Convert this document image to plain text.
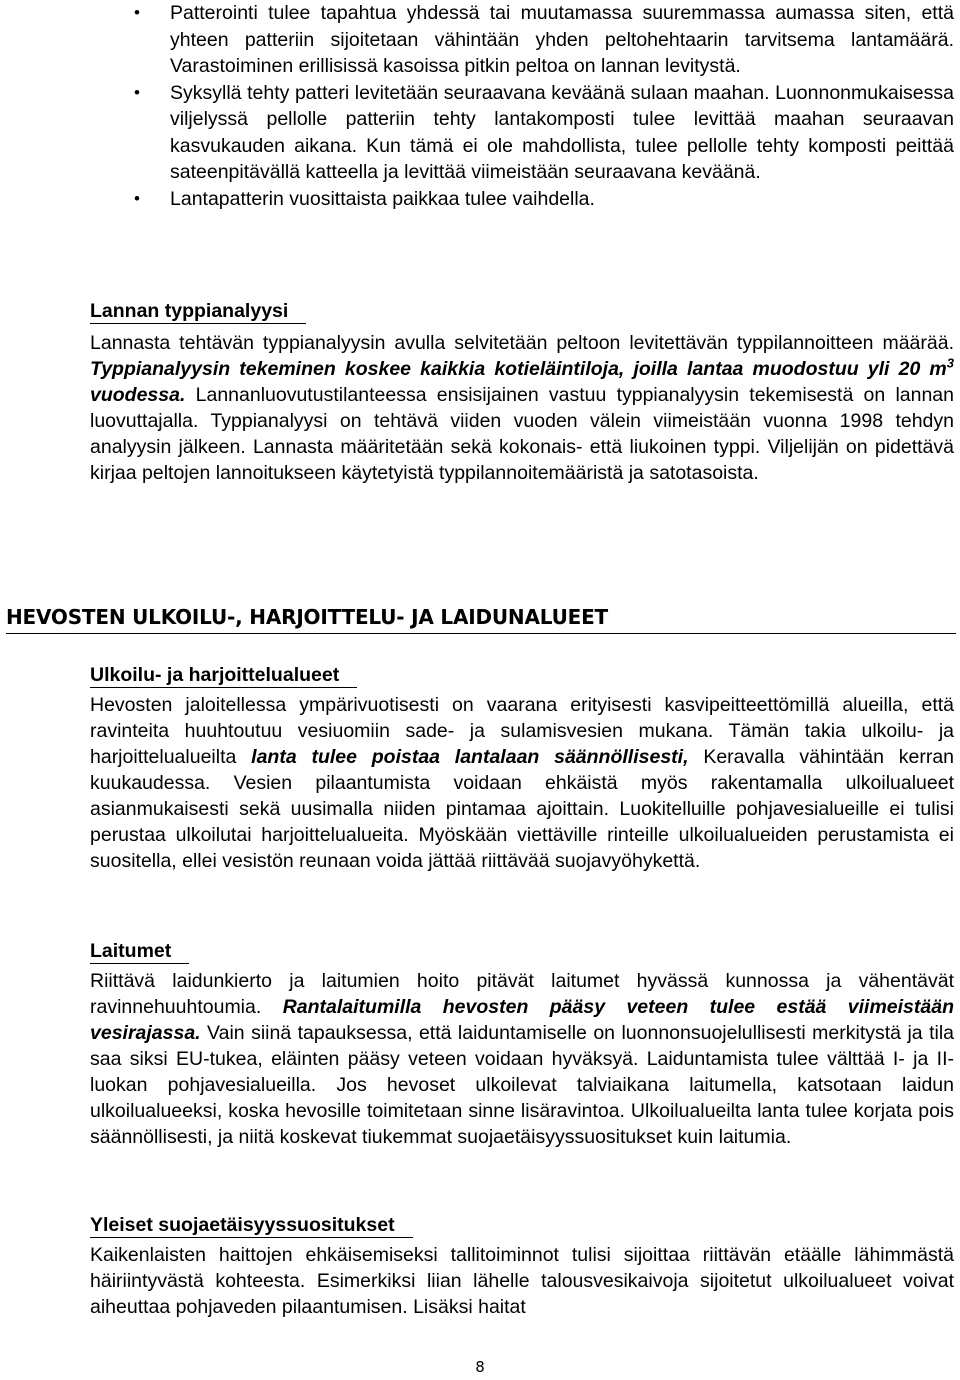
• Patterointi tulee tapahtua yhdessä tai muutamassa suuremmassa aumassa siten, että yhteen patteriin sijoitetaan vähintään yhden peltohehtaarin tarvitsema lantamäärä. Varastoiminen erillisissä kasoissa pitkin peltoa on lannan levitystä.
• Syksyllä tehty patteri levitetään seuraavana keväänä sulaan maahan. Luonnonmukaisessa viljelyssä pellolle patteriin tehty lantakomposti tulee levittää maahan seuraavan kasvukauden aikana. Kun tämä ei ole mahdollista, tulee pellolle tehty komposti peittää sateenpitävällä katteella ja levittää viimeistään seuraavana keväänä.
• Lantapatterin vuosittaista paikkaa tulee vaihdella.
Lannan typpianalyysi

Lannasta tehtävän typpianalyysin avulla selvitetään peltoon levitettävän typpilannoitteen määrää. Typpianalyysin tekeminen koskee kaikkia kotieläintiloja, joilla lantaa muodostuu yli 20 $m^3$ vuodessa. Lannanluovutustilanteessa ensisijainen vastuu typpianalyysin tekemisestä on lannan luovuttajalla. Typpianalyysi on tehtävä viiden vuoden välein viimeistään vuonna 1998 tehdyn analyysin jälkeen. Lannasta määritetään sekä kokonais- että liukoinen typpi. Viljelijän on pidettävä kirjaa peltojen lannoitukseen käytetyistä typpilannoitemääristä ja satotasoista.

HEVOSTEN ULKOILU-, HARJOITTELU- JA LAIDUNALUEET
Ulkoilu- ja harjoittelualueet

Hevosten jaloitellessa ympärivuotisesti on vaarana erityisesti kasvipeitteettömillä alueilla, että ravinteita huuhtoutuu vesiuomiin sade- ja sulamisvesien mukana. Tämän takia ulkoilu- ja harjoittelualueilta lanta tulee poistaa lantalaan säännöllisesti, Keravalla vähintään kerran kuukaudessa. Vesien pilaantumista voidaan ehkäistä myös rakentamalla ulkoilualueet asianmukaisesti sekä uusimalla niiden pintamaa ajoittain. Luokitelluille pohjavesialueille ei tulisi perustaa ulkoilutai harjoittelualueita. Myöskään viettäville rinteille ulkoilualueiden perustamista ei suositella, ellei vesistön reunaan voida jättää riittävää suojavyöhykettä.

Laitumet

Riittävä laidunkierto ja laitumien hoito pitävät laitumet hyvässä kunnossa ja vähentävät ravinnehuuhtoumia. Rantalaitumilla hevosten pääsy veteen tulee estää viimeistään vesirajassa. Vain siinä tapauksessa, että laiduntamiselle on luonnonsuojelullisesti merkitystä ja tila saa siksi EU-tukea, eläinten pääsy veteen voidaan hyväksyä. Laiduntamista tulee välttää I- ja II-luokan pohjavesialueilla. Jos hevoset ulkoilevat talviaikana laitumella, katsotaan laidun ulkoilualueeksi, koska hevosille toimitetaan sinne lisäravintoa. Ulkoilualueilta lanta tulee korjata pois säännöllisesti, ja niitä koskevat tiukemmat suojaetäisyyssuositukset kuin laitumia.

Yleiset suojaetäisyyssuositukset

Kaikenlaisten haittojen ehkäisemiseksi tallitoiminnot tulisi sijoittaa riittävän etäälle lähimmästä häiriintyvästä kohteesta. Esimerkiksi liian lähelle talousvesikaivoja sijoitetut ulkoilualueet voivat aiheuttaa pohjaveden pilaantumisen. Lisäksi haitat

8
